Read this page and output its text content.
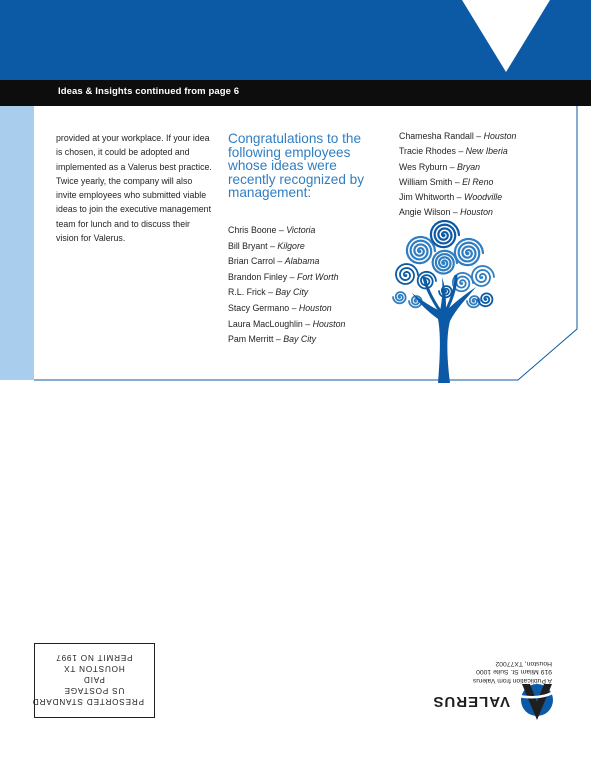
Ideas & Insights continued from page 6

provided at your workplace. If your idea is chosen, it could be adopted and implemented as a Valerus best practice. Twice yearly, the company will also invite employees who submitted viable ideas to join the executive management team for lunch and to discuss their vision for Valerus.

Congratulations to the following employees whose ideas were recently recognized by management:
Chris Boone – Victoria
Bill Bryant – Kilgore
Brian Carrol – Alabama
Brandon Finley – Fort Worth
R.L. Frick – Bay City
Stacy Germano – Houston
Laura MacLoughlin – Houston
Pam Merritt – Bay City
Chamesha Randall – Houston
Tracie Rhodes – New Iberia
Wes Ryburn – Bryan
William Smith – El Reno
Jim Whitworth – Woodville
Angie Wilson – Houston
PRESORTED STANDARD
US POSTAGE
PAID
HOUSTON TX
PERMIT NO 1997
VALERUS
A Publication from Valerus
919 Milam St. Suite 1000
Houston, TX77002
